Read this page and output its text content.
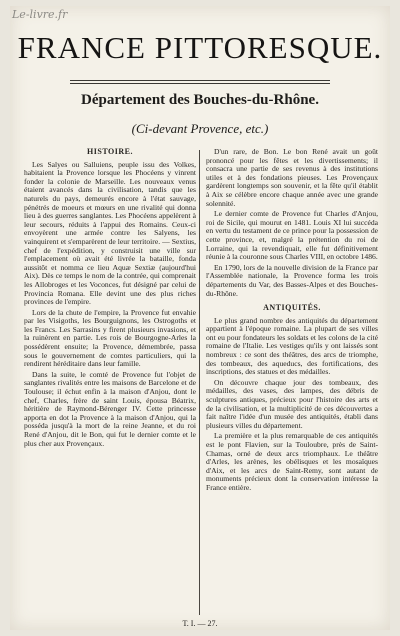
Le-livre.fr
FRANCE PITTORESQUE.
Département des Bouches-du-Rhône.
(Ci-devant Provence, etc.)
HISTOIRE.

Les Salyes ou Salluiens, peuple issu des Volkes, habitaient la Provence lorsque les Phocéens y vinrent fonder la colonie de Marseille. Les nouveaux venus étaient avancés dans la civilisation, tandis que les naturels du pays, demeurés encore à l'état sauvage, pénétrés de moeurs et mœurs en une rivalité qui donna lieu à des guerres sanglantes. Les Phocéens appelèrent à leur secours, réduits à l'appui des Romains. Ceux-ci envoyèrent une armée contre les Salyens, les vainquirent et s'emparèrent de leur territoire. — Sextius, chef de l'expédition, y construisit une ville sur l'emplacement où avait été livrée la bataille, fonda aussitôt et nomma ce lieu Aquæ Sextiæ (aujourd'hui Aix). Dès ce temps le nom de la contrée, qui comprenait les Allobroges et les Voconces, fut désigné par celui de Provincia Romana. Elle devint une des plus riches provinces de l'empire.

Lors de la chute de l'empire, la Provence fut envahie par les Visigoths, les Bourguignons, les Ostrogoths et les Francs. Les Sarrasins y firent plusieurs invasions, et la ruinèrent en partie. Les rois de Bourgogne-Arles la possédèrent ensuite; la Provence, démembrée, passa sous le gouvernement de comtes particuliers, qui la rendirent héréditaire dans leur famille.

Dans la suite, le comté de Provence fut l'objet de sanglantes rivalités entre les maisons de Barcelone et de Toulouse; il échut enfin à la maison d'Anjou, dont le chef, Charles, frère de saint Louis, épousa Béatrix, héritière de Raymond-Bérenger IV. Cette princesse apporta en dot la Provence à la maison d'Anjou, qui la posséda jusqu'à la mort de la reine Jeanne, et du roi René d'Anjou, dit le Bon, qui fut le dernier comte et le plus cher aux Provençaux.

D'un rare, de Bon. Le bon René avait un goût prononcé pour les fêtes et les divertissements; il consacra une partie de ses revenus à des institutions utiles et à des fondations pieuses. Les Provençaux gardèrent longtemps son souvenir, et la fête qu'il établit à Aix se célèbre encore chaque année avec une grande solennité.

Le dernier comte de Provence fut Charles d'Anjou, roi de Sicile, qui mourut en 1481. Louis XI lui succéda en vertu du testament de ce prince pour la possession de cette province, et, malgré la prétention du roi de Lorraine, qui la revendiquait, elle fut définitivement réunie à la couronne sous Charles VIII, en octobre 1486.

En 1790, lors de la nouvelle division de la France par l'Assemblée nationale, la Provence forma les trois départements du Var, des Basses-Alpes et des Bouches-du-Rhône.

ANTIQUITÉS.

Le plus grand nombre des antiquités du département appartient à l'époque romaine. La plupart de ses villes ont eu pour fondateurs les soldats et les colons de la cité romaine de l'Italie. Les vestiges qu'ils y ont laissés sont nombreux : ce sont des théâtres, des arcs de triomphe, des tombeaux, des aqueducs, des fortifications, des inscriptions, des statues et des médailles.

On découvre chaque jour des tombeaux, des médailles, des vases, des lampes, des débris de sculptures antiques, précieux pour l'histoire des arts et de la civilisation, et la multiplicité de ces découvertes a fait naître l'idée d'un musée des antiquités, établi dans plusieurs villes du département.

La première et la plus remarquable de ces antiquités est le pont Flavien, sur la Touloubre, près de Saint-Chamas, orné de deux arcs triomphaux. Le théâtre d'Arles, les arènes, les obélisques et les mosaïques d'Aix, et les arcs de Saint-Remy, sont autant de monuments précieux dont la conservation intéresse la France entière.

T. I. — 27.
